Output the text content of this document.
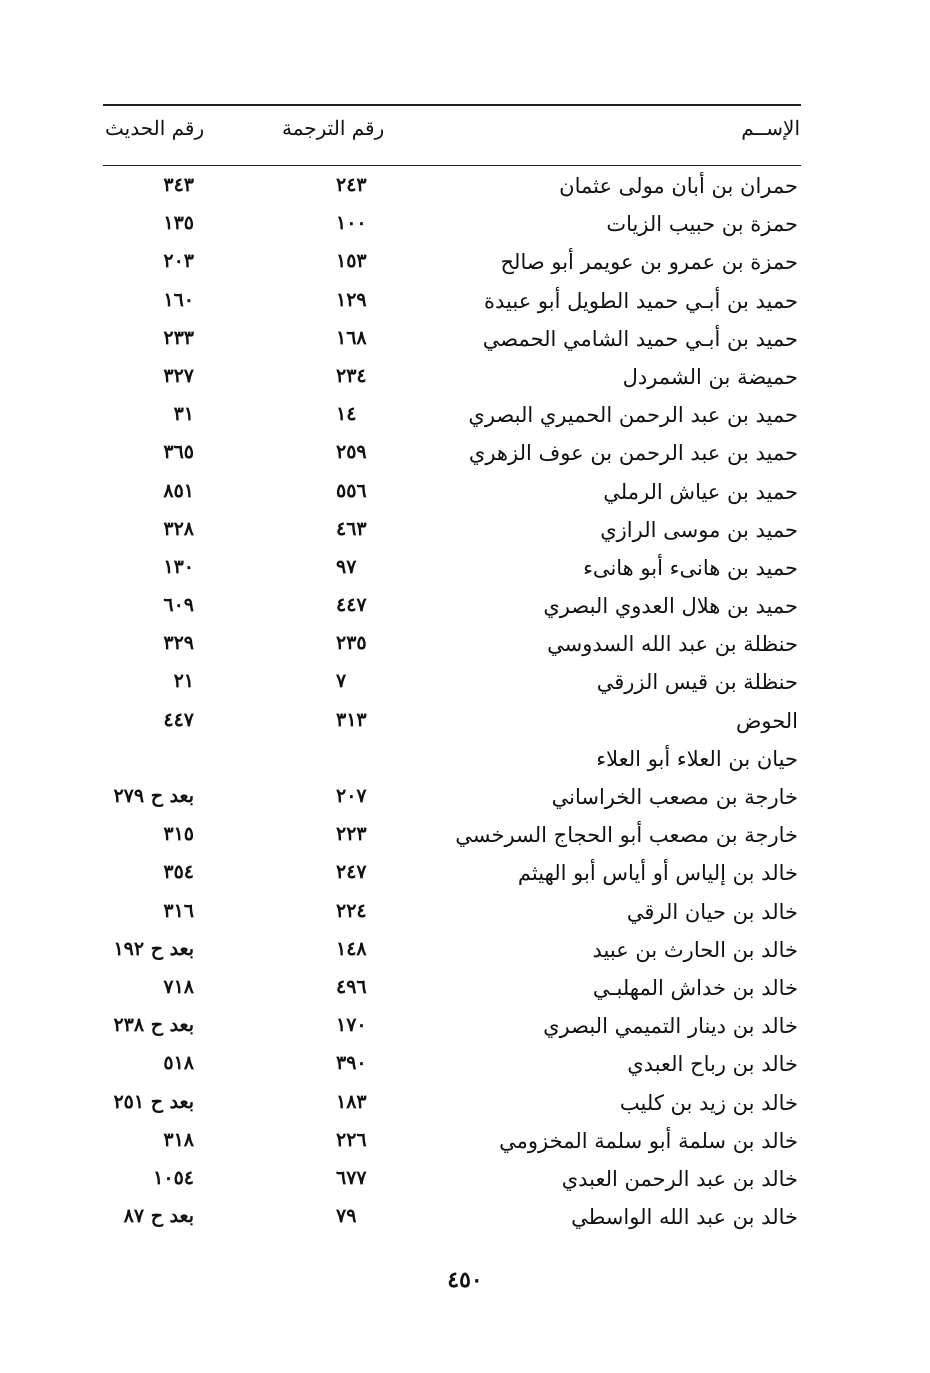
الإســم
رقم الترجمة
رقم الحديث
حمران بن أبان مولى عثمان
٢٤٣
٣٤٣
حمزة بن حبيب الزيات
١٠٠
١٣٥
حمزة بن عمرو بن عويمر أبو صالح
١٥٣
٢٠٣
حميد بن أبـي حميد الطويل أبو عبيدة
١٢٩
١٦٠
حميد بن أبـي حميد الشامي الحمصي
١٦٨
٢٣٣
حميضة بن الشمردل
٢٣٤
٣٢٧
حميد بن عبد الرحمن الحميري البصري
١٤
٣١
حميد بن عبد الرحمن بن عوف الزهري
٢٥٩
٣٦٥
حميد بن عياش الرملي
٥٥٦
٨٥١
حميد بن موسى الرازي
٤٦٣
٣٢٨
حميد بن هانىء أبو هانىء
٩٧
١٣٠
حميد بن هلال العدوي البصري
٤٤٧
٦٠٩
حنظلة بن عبد الله السدوسي
٢٣٥
٣٢٩
حنظلة بن قيس الزرقي
٧
٢١
الحوض
٣١٣
٤٤٧
حيان بن العلاء أبو العلاء
خارجة بن مصعب الخراساني
٢٠٧
بعد ح ٢٧٩
خارجة بن مصعب أبو الحجاج السرخسي
٢٢٣
٣١٥
خالد بن إلياس أو أياس أبو الهيثم
٢٤٧
٣٥٤
خالد بن حيان الرقي
٢٢٤
٣١٦
خالد بن الحارث بن عبيد
١٤٨
بعد ح ١٩٢
خالد بن خداش المهلبـي
٤٩٦
٧١٨
خالد بن دينار التميمي البصري
١٧٠
بعد ح ٢٣٨
خالد بن رباح العبدي
٣٩٠
٥١٨
خالد بن زيد بن كليب
١٨٣
بعد ح ٢٥١
خالد بن سلمة أبو سلمة المخزومي
٢٢٦
٣١٨
خالد بن عبد الرحمن العبدي
٦٧٧
١٠٥٤
خالد بن عبد الله الواسطي
٧٩
بعد ح ٨٧
٤٥٠
